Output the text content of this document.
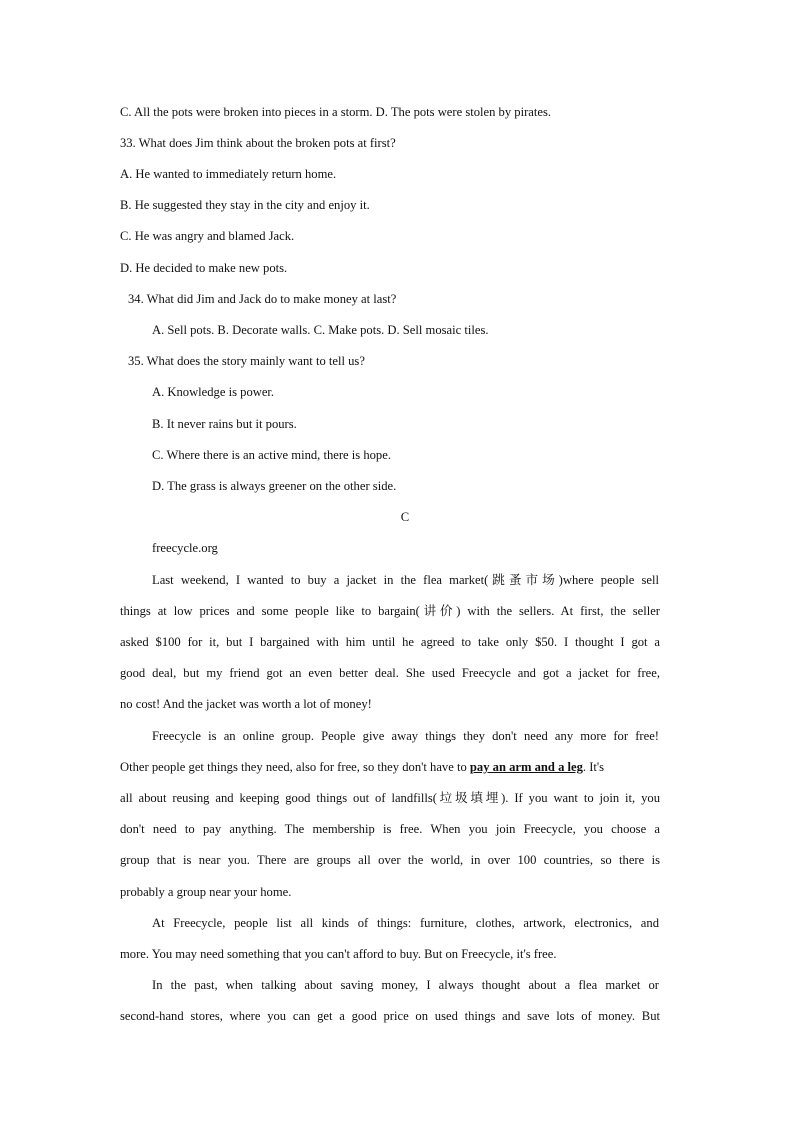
C. All the pots were broken into pieces in a storm. D. The pots were stolen by pirates.
33. What does Jim think about the broken pots at first?
A. He wanted to immediately return home.
B. He suggested they stay in the city and enjoy it.
C. He was angry and blamed Jack.
D. He decided to make new pots.
34. What did Jim and Jack do to make money at last?
A. Sell pots. B. Decorate walls. C. Make pots. D. Sell mosaic tiles.
35. What does the story mainly want to tell us?
A. Knowledge is power.
B. It never rains but it pours.
C. Where there is an active mind, there is hope.
D. The grass is always greener on the other side.
C
freecycle.org
Last weekend, I wanted to buy a jacket in the flea market(跳蚤市场)where people sell
things at low prices and some people like to bargain(讲价) with the sellers. At first, the seller
asked $100 for it, but I bargained with him until he agreed to take only $50. I thought I got a
good deal, but my friend got an even better deal. She used Freecycle and got a jacket for free,
no cost! And the jacket was worth a lot of money!
Freecycle is an online group. People give away things they don't need any more for free!
Other people get things they need, also for free, so they don't have to pay an arm and a leg. It's
all about reusing and keeping good things out of landfills(垃圾填埋). If you want to join it, you
don't need to pay anything. The membership is free. When you join Freecycle, you choose a
group that is near you. There are groups all over the world, in over 100 countries, so there is
probably a group near your home.
At Freecycle, people list all kinds of things: furniture, clothes, artwork, electronics, and
more. You may need something that you can't afford to buy. But on Freecycle, it's free.
In the past, when talking about saving money, I always thought about a flea market or
second-hand stores, where you can get a good price on used things and save lots of money. But
